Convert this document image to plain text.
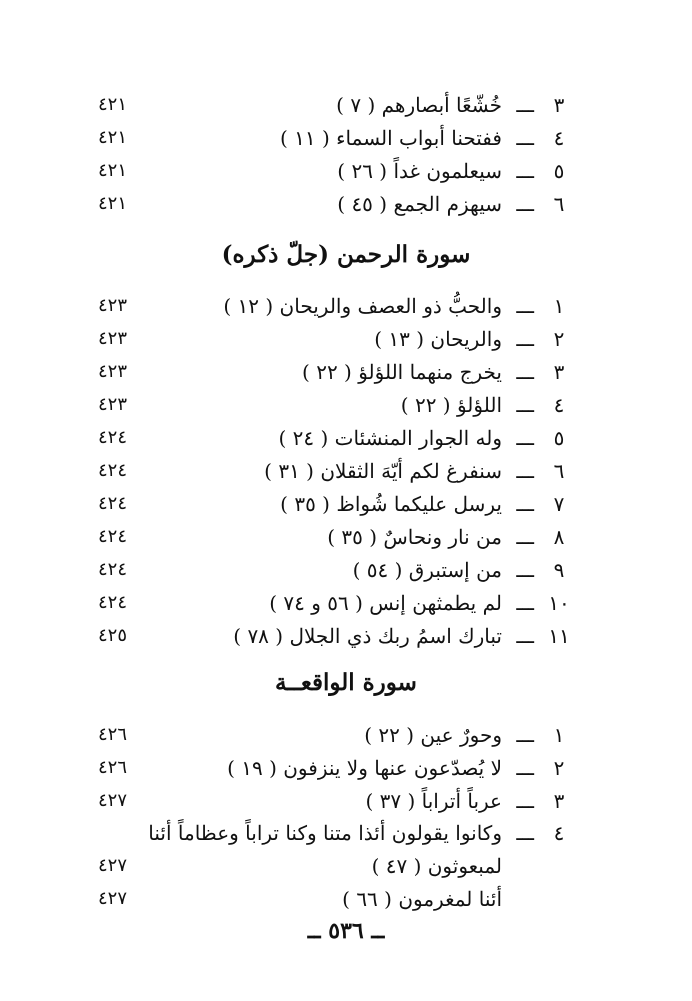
٣
ـــ
خُشّعًا أبصارهم ( ٧ )
٤٢١
٤
ـــ
ففتحنا أبواب السماء ( ١١ )
٤٢١
٥
ـــ
سيعلمون غداً ( ٢٦ )
٤٢١
٦
ـــ
سيهزم الجمع ( ٤٥ )
٤٢١
سورة الرحمن (جلّ ذكره)
١
ـــ
والحبُّ ذو العصف والريحان ( ١٢ )
٤٢٣
٢
ـــ
والريحان ( ١٣ )
٤٢٣
٣
ـــ
يخرج منهما اللؤلؤ ( ٢٢ )
٤٢٣
٤
ـــ
اللؤلؤ ( ٢٢ )
٤٢٣
٥
ـــ
وله الجوار المنشئات ( ٢٤ )
٤٢٤
٦
ـــ
سنفرغ لكم أيّهَ الثقلان ( ٣١ )
٤٢٤
٧
ـــ
يرسل عليكما شُواظ ( ٣٥ )
٤٢٤
٨
ـــ
من نار ونحاسٌ ( ٣٥ )
٤٢٤
٩
ـــ
من إستبرق ( ٥٤ )
٤٢٤
١٠
ـــ
لم يطمثهن إنس ( ٥٦ و ٧٤ )
٤٢٤
١١
ـــ
تبارك اسمُ ربك ذي الجلال ( ٧٨ )
٤٢٥
سورة الواقعــة
١
ـــ
وحورٌ عين ( ٢٢ )
٤٢٦
٢
ـــ
لا يُصدّعون عنها ولا ينزفون ( ١٩ )
٤٢٦
٣
ـــ
عرباً أتراباً ( ٣٧ )
٤٢٧
٤
ـــ
وكانوا يقولون أئذا متنا وكنا تراباً وعظاماً أئنا
لمبعوثون ( ٤٧ )
٤٢٧
أئنا لمغرمون ( ٦٦ )
٤٢٧
ــ ٥٣٦ ــ
